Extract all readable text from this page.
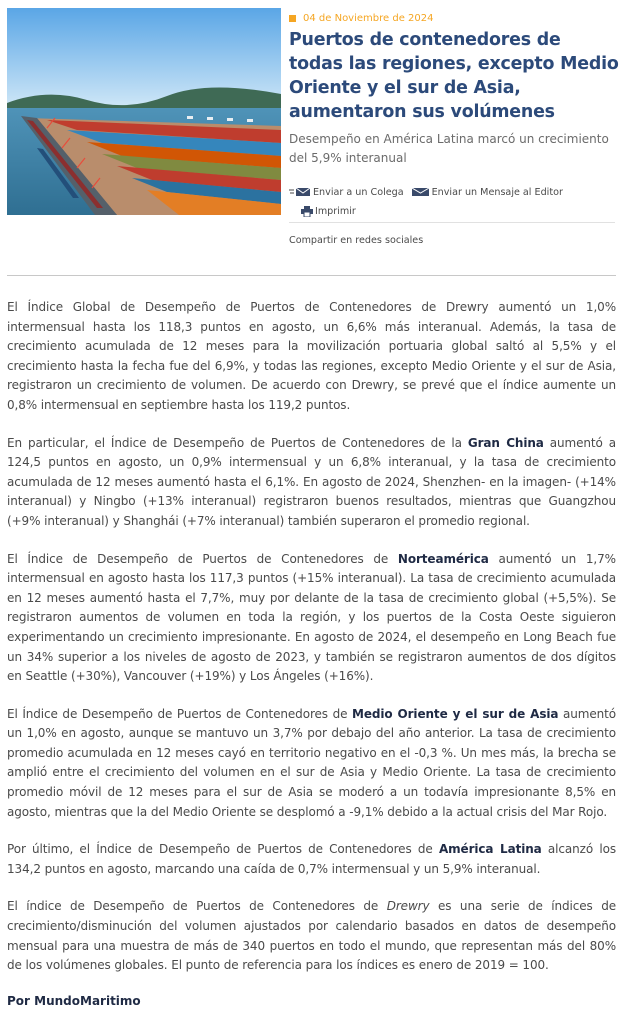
04 de Noviembre de 2024
Puertos de contenedores de todas las regiones, excepto Medio Oriente y el sur de Asia, aumentaron sus volúmenes

Desempeño en América Latina marcó un crecimiento del 5,9% interanual

Enviar a un Colega	Enviar un Mensaje al Editor
Imprimir
Compartir en redes sociales

El Índice Global de Desempeño de Puertos de Contenedores de Drewry aumentó un 1,0% intermensual hasta los 118,3 puntos en agosto, un 6,6% más interanual. Además, la tasa de crecimiento acumulada de 12 meses para la movilización portuaria global saltó al 5,5% y el crecimiento hasta la fecha fue del 6,9%, y todas las regiones, excepto Medio Oriente y el sur de Asia, registraron un crecimiento de volumen. De acuerdo con Drewry, se prevé que el índice aumente un 0,8% intermensual en septiembre hasta los 119,2 puntos.

En particular, el Índice de Desempeño de Puertos de Contenedores de la Gran China aumentó a 124,5 puntos en agosto, un 0,9% intermensual y un 6,8% interanual, y la tasa de crecimiento acumulada de 12 meses aumentó hasta el 6,1%. En agosto de 2024, Shenzhen- en la imagen- (+14% interanual) y Ningbo (+13% interanual) registraron buenos resultados, mientras que Guangzhou (+9% interanual) y Shanghái (+7% interanual) también superaron el promedio regional.

El Índice de Desempeño de Puertos de Contenedores de Norteamérica aumentó un 1,7% intermensual en agosto hasta los 117,3 puntos (+15% interanual). La tasa de crecimiento acumulada en 12 meses aumentó hasta el 7,7%, muy por delante de la tasa de crecimiento global (+5,5%). Se registraron aumentos de volumen en toda la región, y los puertos de la Costa Oeste siguieron experimentando un crecimiento impresionante. En agosto de 2024, el desempeño en Long Beach fue un 34% superior a los niveles de agosto de 2023, y también se registraron aumentos de dos dígitos en Seattle (+30%), Vancouver (+19%) y Los Ángeles (+16%).

El Índice de Desempeño de Puertos de Contenedores de Medio Oriente y el sur de Asia aumentó un 1,0% en agosto, aunque se mantuvo un 3,7% por debajo del año anterior. La tasa de crecimiento promedio acumulada en 12 meses cayó en territorio negativo en el -0,3 %. Un mes más, la brecha se amplió entre el crecimiento del volumen en el sur de Asia y Medio Oriente. La tasa de crecimiento promedio móvil de 12 meses para el sur de Asia se moderó a un todavía impresionante 8,5% en agosto, mientras que la del Medio Oriente se desplomó a -9,1% debido a la actual crisis del Mar Rojo.

Por último, el Índice de Desempeño de Puertos de Contenedores de América Latina alcanzó los 134,2 puntos en agosto, marcando una caída de 0,7% intermensual y un 5,9% interanual.

El índice de Desempeño de Puertos de Contenedores de Drewry es una serie de índices de crecimiento/disminución del volumen ajustados por calendario basados en datos de desempeño mensual para una muestra de más de 340 puertos en todo el mundo, que representan más del 80% de los volúmenes globales. El punto de referencia para los índices es enero de 2019 = 100.

Por MundoMaritimo
